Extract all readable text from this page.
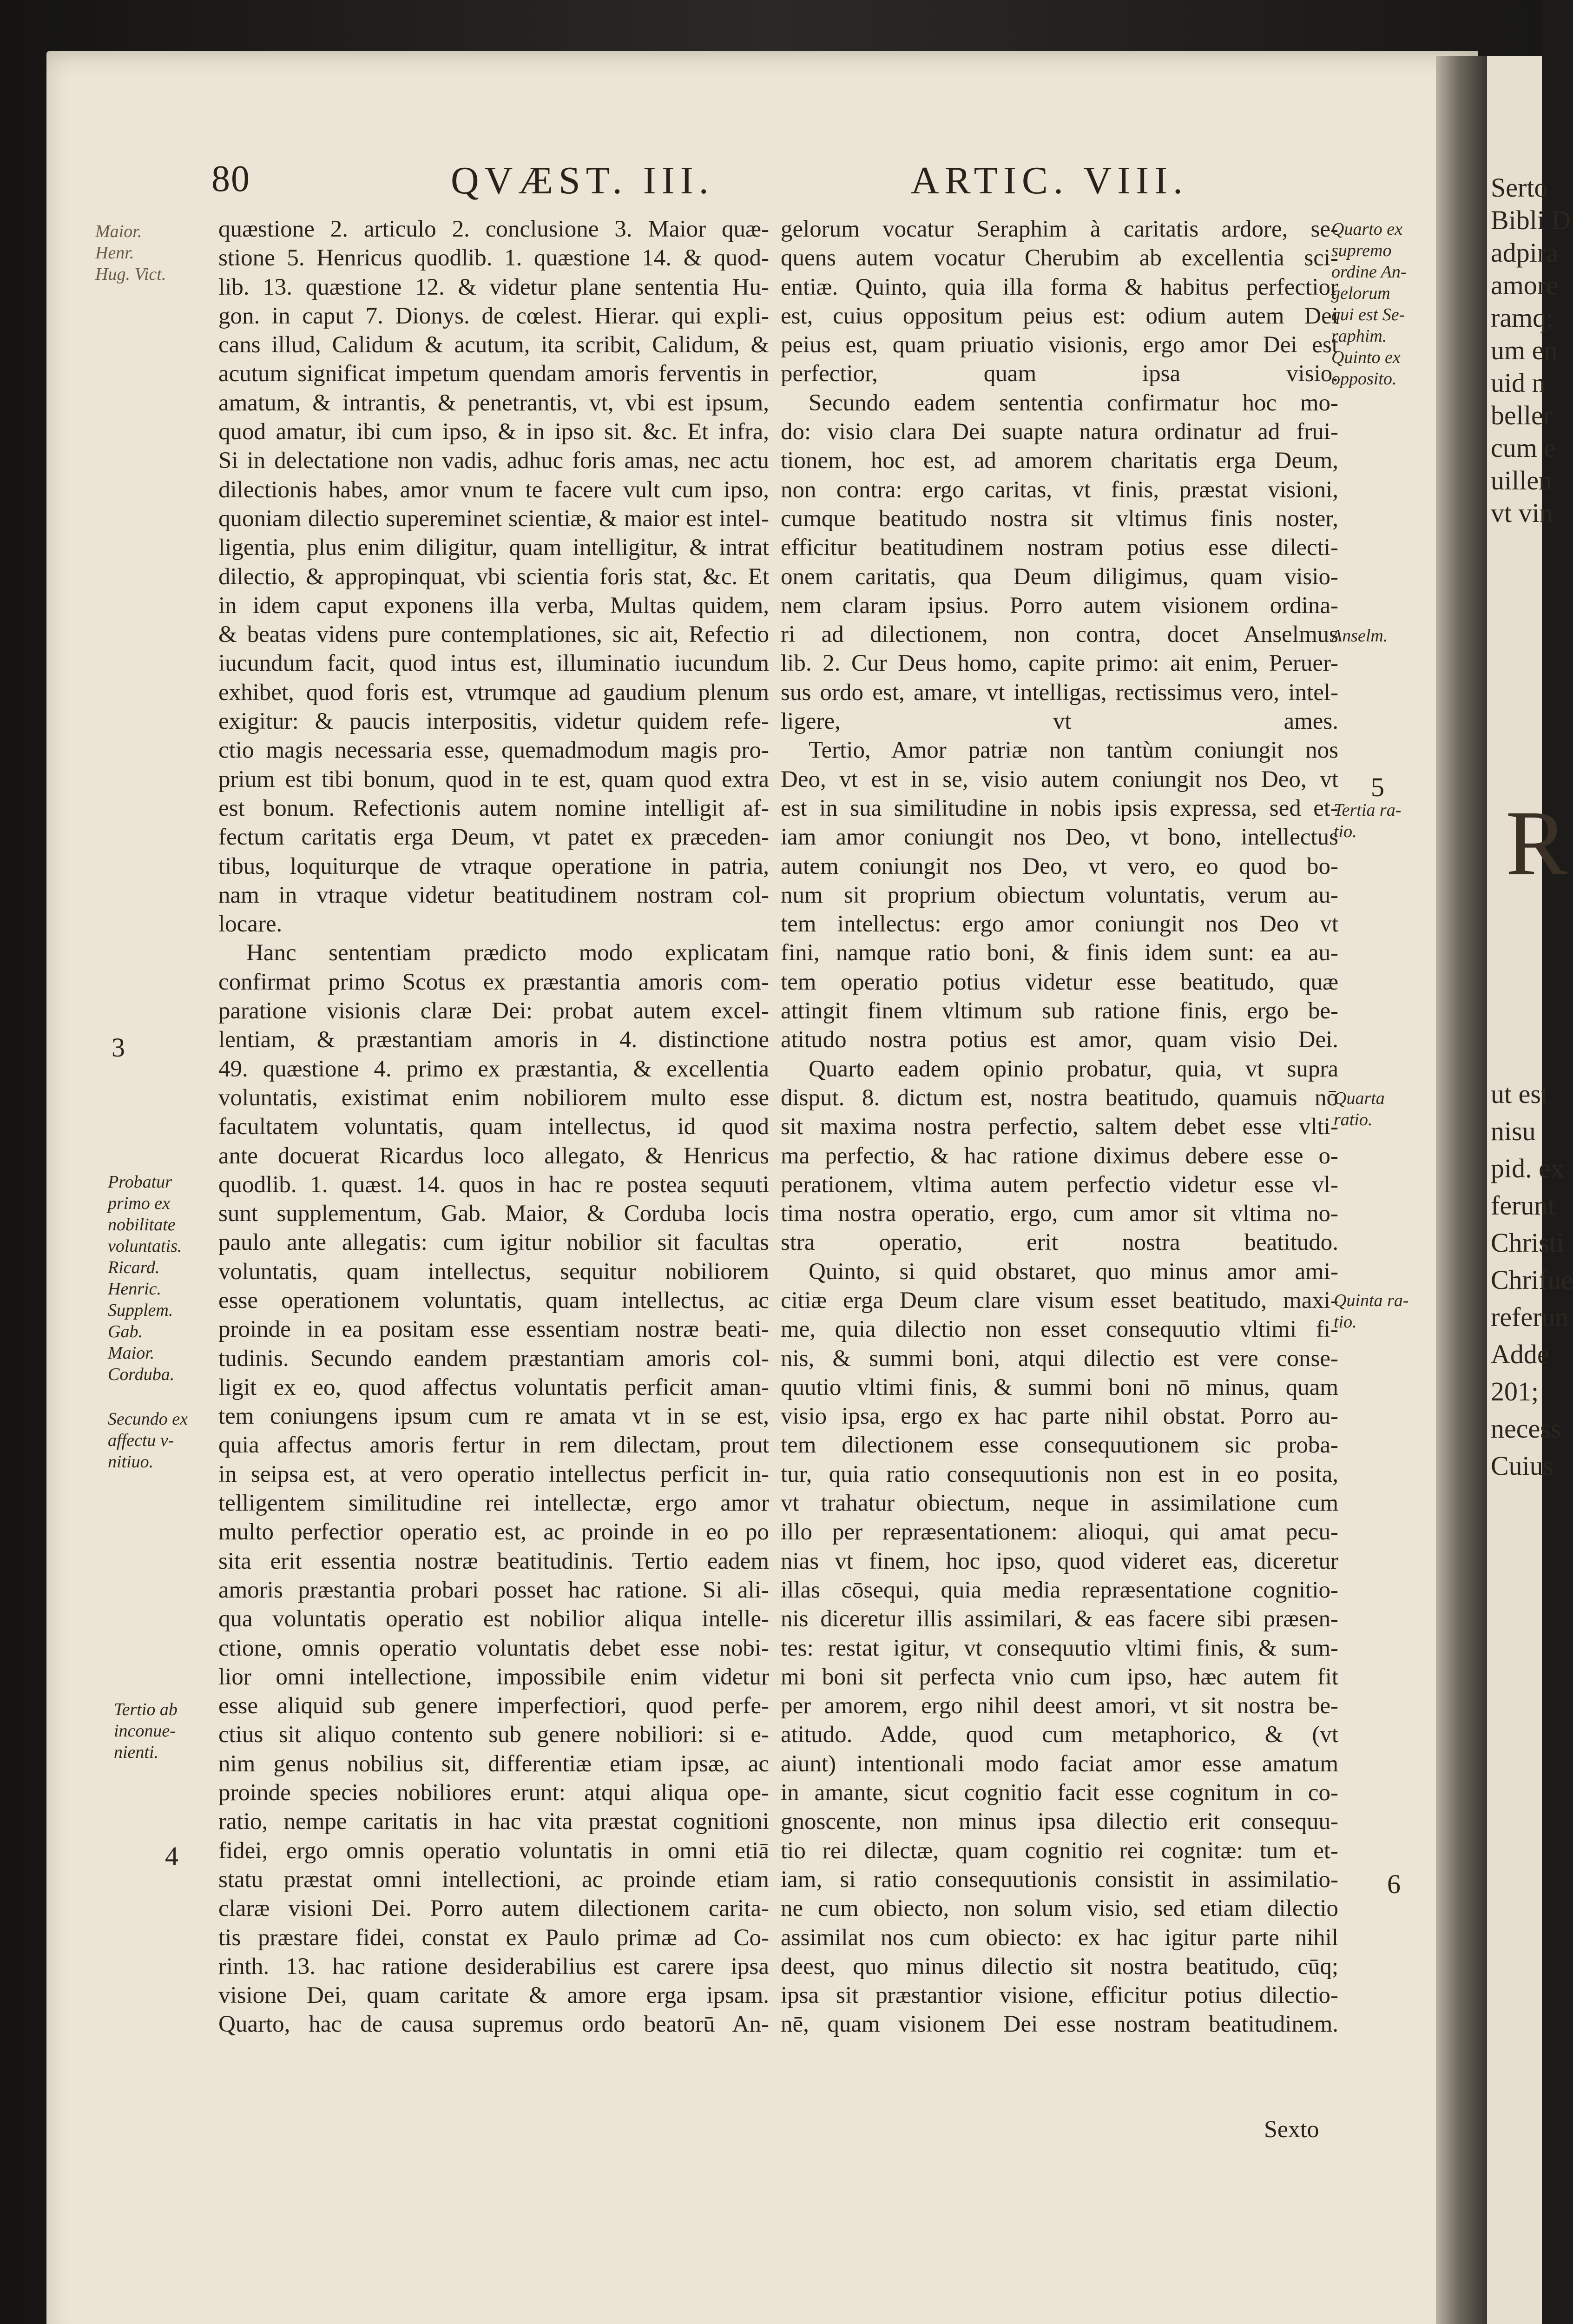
Serto
Bibli D
adpira
amore
ramq;
um en
uid n
beller
cum e
uillen
vt vin
R
ut est
nisu
pid. ex
ferunt
Christi
Chrifue
referun
Adde
201;
necess
Cuius
80	QVÆST. III.	ARTIC. VIII.
quæstione 2. articulo 2. conclusione 3. Maior quæ-
stione 5. Henricus quodlib. 1. quæstione 14. & quod-
lib. 13. quæstione 12. & videtur plane sententia Hu-
gon. in caput 7. Dionys. de cœlest. Hierar. qui expli-
cans illud, Calidum & acutum, ita scribit, Calidum, &
acutum significat impetum quendam amoris ferventis in
amatum, & intrantis, & penetrantis, vt, vbi est ipsum,
quod amatur, ibi cum ipso, & in ipso sit. &c. Et infra,
Si in delectatione non vadis, adhuc foris amas, nec actu
dilectionis habes, amor vnum te facere vult cum ipso,
quoniam dilectio supereminet scientiæ, & maior est intel-
ligentia, plus enim diligitur, quam intelligitur, & intrat
dilectio, & appropinquat, vbi scientia foris stat, &c. Et
in idem caput exponens illa verba, Multas quidem,
& beatas videns pure contemplationes, sic ait, Refectio
iucundum facit, quod intus est, illuminatio iucundum
exhibet, quod foris est, vtrumque ad gaudium plenum
exigitur: & paucis interpositis, videtur quidem refe-
ctio magis necessaria esse, quemadmodum magis pro-
prium est tibi bonum, quod in te est, quam quod extra
est bonum. Refectionis autem nomine intelligit af-
fectum caritatis erga Deum, vt patet ex præceden-
tibus, loquiturque de vtraque operatione in patria,
nam in vtraque videtur beatitudinem nostram col-
locare.
Hanc sententiam prædicto modo explicatam
confirmat primo Scotus ex præstantia amoris com-
paratione visionis claræ Dei: probat autem excel-
lentiam, & præstantiam amoris in 4. distinctione
49. quæstione 4. primo ex præstantia, & excellentia
voluntatis, existimat enim nobiliorem multo esse
facultatem voluntatis, quam intellectus, id quod
ante docuerat Ricardus loco allegato, & Henricus
quodlib. 1. quæst. 14. quos in hac re postea sequuti
sunt supplementum, Gab. Maior, & Corduba locis
paulo ante allegatis: cum igitur nobilior sit facultas
voluntatis, quam intellectus, sequitur nobiliorem
esse operationem voluntatis, quam intellectus, ac
proinde in ea positam esse essentiam nostræ beati-
tudinis. Secundo eandem præstantiam amoris col-
ligit ex eo, quod affectus voluntatis perficit aman-
tem coniungens ipsum cum re amata vt in se est,
quia affectus amoris fertur in rem dilectam, prout
in seipsa est, at vero operatio intellectus perficit in-
telligentem similitudine rei intellectæ, ergo amor
multo perfectior operatio est, ac proinde in eo po
sita erit essentia nostræ beatitudinis. Tertio eadem
amoris præstantia probari posset hac ratione. Si ali-
qua voluntatis operatio est nobilior aliqua intelle-
ctione, omnis operatio voluntatis debet esse nobi-
lior omni intellectione, impossibile enim videtur
esse aliquid sub genere imperfectiori, quod perfe-
ctius sit aliquo contento sub genere nobiliori: si e-
nim genus nobilius sit, differentiæ etiam ipsæ, ac
proinde species nobiliores erunt: atqui aliqua ope-
ratio, nempe caritatis in hac vita præstat cognitioni
fidei, ergo omnis operatio voluntatis in omni etiā
statu præstat omni intellectioni, ac proinde etiam
claræ visioni Dei. Porro autem dilectionem carita-
tis præstare fidei, constat ex Paulo primæ ad Co-
rinth. 13. hac ratione desiderabilius est carere ipsa
visione Dei, quam caritate & amore erga ipsam.
Quarto, hac de causa supremus ordo beatorū An-
gelorum vocatur Seraphim à caritatis ardore, se-
quens autem vocatur Cherubim ab excellentia sci-
entiæ. Quinto, quia illa forma & habitus perfectior
est, cuius oppositum peius est: odium autem Dei
peius est, quam priuatio visionis, ergo amor Dei est
perfectior, quam ipsa visio.
Secundo eadem sententia confirmatur hoc mo-
do: visio clara Dei suapte natura ordinatur ad frui-
tionem, hoc est, ad amorem charitatis erga Deum,
non contra: ergo caritas, vt finis, præstat visioni,
cumque beatitudo nostra sit vltimus finis noster,
efficitur beatitudinem nostram potius esse dilecti-
onem caritatis, qua Deum diligimus, quam visio-
nem claram ipsius. Porro autem visionem ordina-
ri ad dilectionem, non contra, docet Anselmus
lib. 2. Cur Deus homo, capite primo: ait enim, Peruer-
sus ordo est, amare, vt intelligas, rectissimus vero, intel-
ligere, vt ames.
Tertio, Amor patriæ non tantùm coniungit nos
Deo, vt est in se, visio autem coniungit nos Deo, vt
est in sua similitudine in nobis ipsis expressa, sed et-
iam amor coniungit nos Deo, vt bono, intellectus
autem coniungit nos Deo, vt vero, eo quod bo-
num sit proprium obiectum voluntatis, verum au-
tem intellectus: ergo amor coniungit nos Deo vt
fini, namque ratio boni, & finis idem sunt: ea au-
tem operatio potius videtur esse beatitudo, quæ
attingit finem vltimum sub ratione finis, ergo be-
atitudo nostra potius est amor, quam visio Dei.
Quarto eadem opinio probatur, quia, vt supra
disput. 8. dictum est, nostra beatitudo, quamuis nō
sit maxima nostra perfectio, saltem debet esse vlti-
ma perfectio, & hac ratione diximus debere esse o-
perationem, vltima autem perfectio videtur esse vl-
tima nostra operatio, ergo, cum amor sit vltima no-
stra operatio, erit nostra beatitudo.
Quinto, si quid obstaret, quo minus amor ami-
citiæ erga Deum clare visum esset beatitudo, maxi-
me, quia dilectio non esset consequutio vltimi fi-
nis, & summi boni, atqui dilectio est vere conse-
quutio vltimi finis, & summi boni nō minus, quam
visio ipsa, ergo ex hac parte nihil obstat. Porro au-
tem dilectionem esse consequutionem sic proba-
tur, quia ratio consequutionis non est in eo posita,
vt trahatur obiectum, neque in assimilatione cum
illo per repræsentationem: alioqui, qui amat pecu-
nias vt finem, hoc ipso, quod videret eas, diceretur
illas cōsequi, quia media repræsentatione cognitio-
nis diceretur illis assimilari, & eas facere sibi præsen-
tes: restat igitur, vt consequutio vltimi finis, & sum-
mi boni sit perfecta vnio cum ipso, hæc autem fit
per amorem, ergo nihil deest amori, vt sit nostra be-
atitudo. Adde, quod cum metaphorico, & (vt
aiunt) intentionali modo faciat amor esse amatum
in amante, sicut cognitio facit esse cognitum in co-
gnoscente, non minus ipsa dilectio erit consequu-
tio rei dilectæ, quam cognitio rei cognitæ: tum et-
iam, si ratio consequutionis consistit in assimilatio-
ne cum obiecto, non solum visio, sed etiam dilectio
assimilat nos cum obiecto: ex hac igitur parte nihil
deest, quo minus dilectio sit nostra beatitudo, cūq;
ipsa sit præstantior visione, efficitur potius dilectio-
nē, quam visionem Dei esse nostram beatitudinem.
Sexto
Maior.
Henr.
Hug. Vict.
3
Probatur
primo ex
nobilitate
voluntatis.
Ricard.
Henric.
Supplem.
Gab.
Maior.
Corduba.
Secundo ex
affectu v-
nitiuo.
Tertio ab
inconue-
nienti.
4
Quarto ex
supremo
ordine An-
gelorum
qui est Se-
raphim.
Quinto ex
opposito.
Anselm.
5
Tertia ra-
tio.
Quarta
ratio.
Quinta ra-
tio.
6
